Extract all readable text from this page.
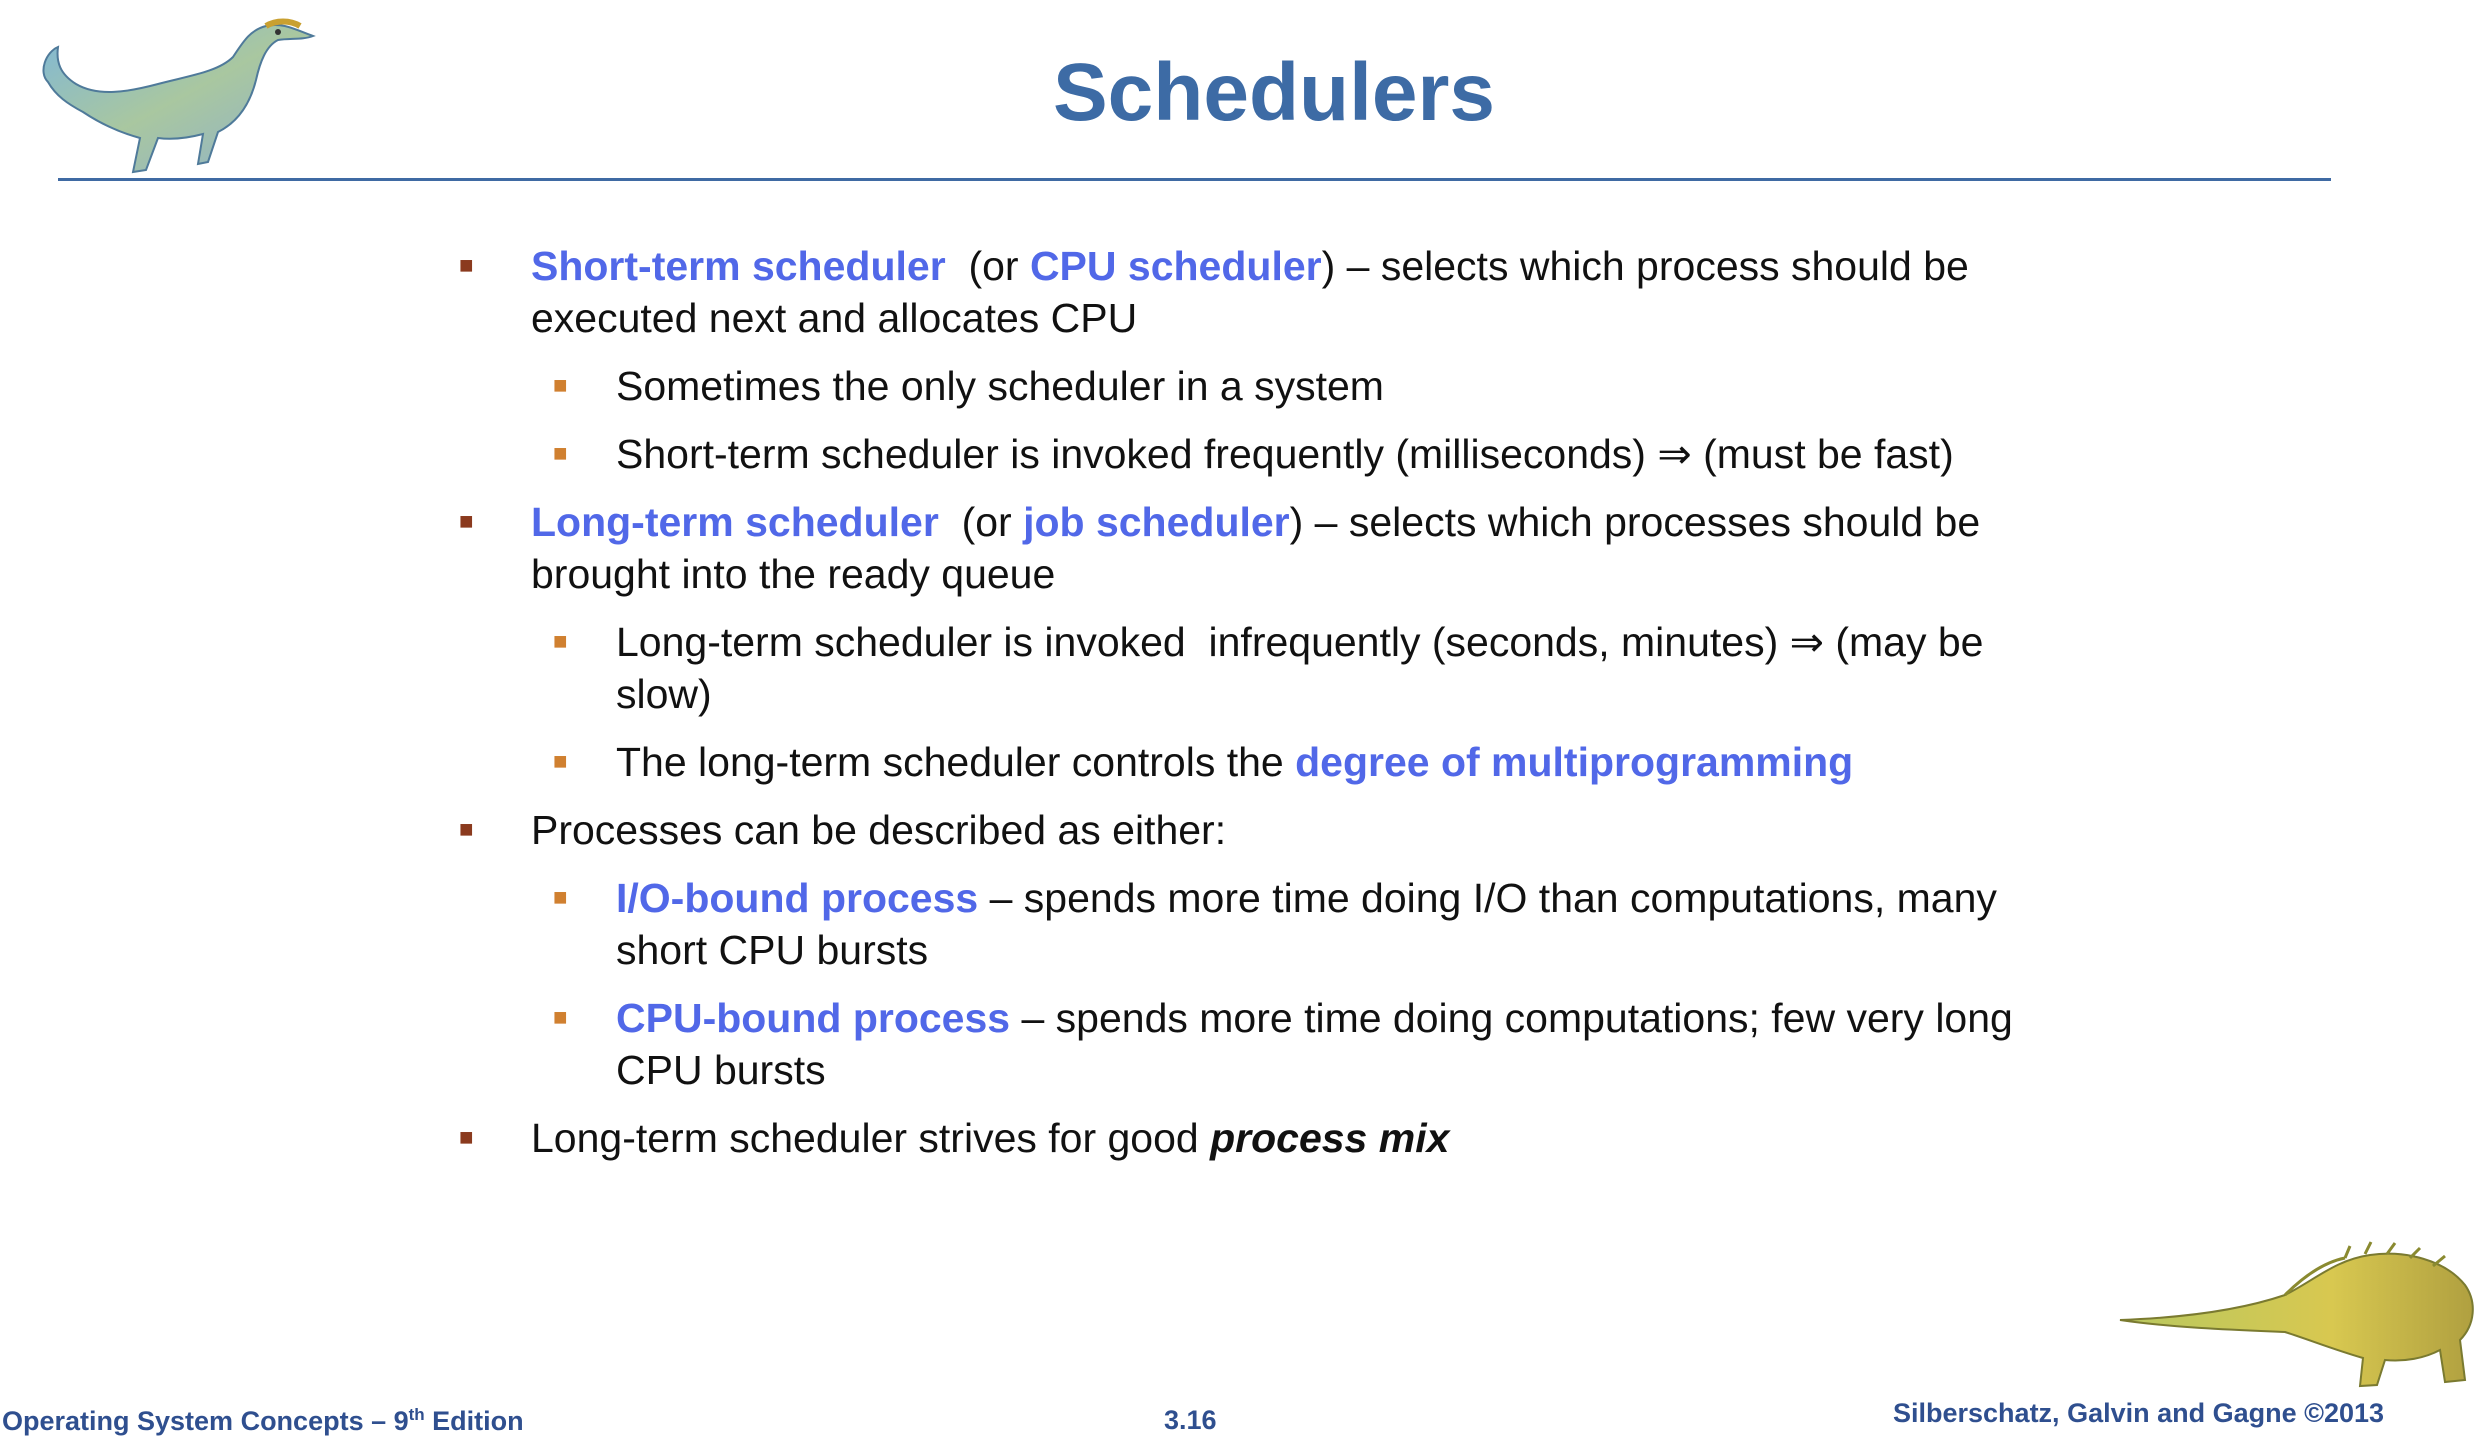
Schedulers
■ Short-term scheduler  (or CPU scheduler) – selects which process should be executed next and allocates CPU
■ Sometimes the only scheduler in a system
■ Short-term scheduler is invoked frequently (milliseconds) ⇒ (must be fast)
■ Long-term scheduler  (or job scheduler) – selects which processes should be brought into the ready queue
■ Long-term scheduler is invoked  infrequently (seconds, minutes) ⇒ (may be slow)
■ The long-term scheduler controls the degree of multiprogramming
■ Processes can be described as either:
■ I/O-bound process – spends more time doing I/O than computations, many short CPU bursts
■ CPU-bound process – spends more time doing computations; few very long CPU bursts
■ Long-term scheduler strives for good process mix
Operating System Concepts – 9th Edition	3.16	Silberschatz, Galvin and Gagne ©2013
